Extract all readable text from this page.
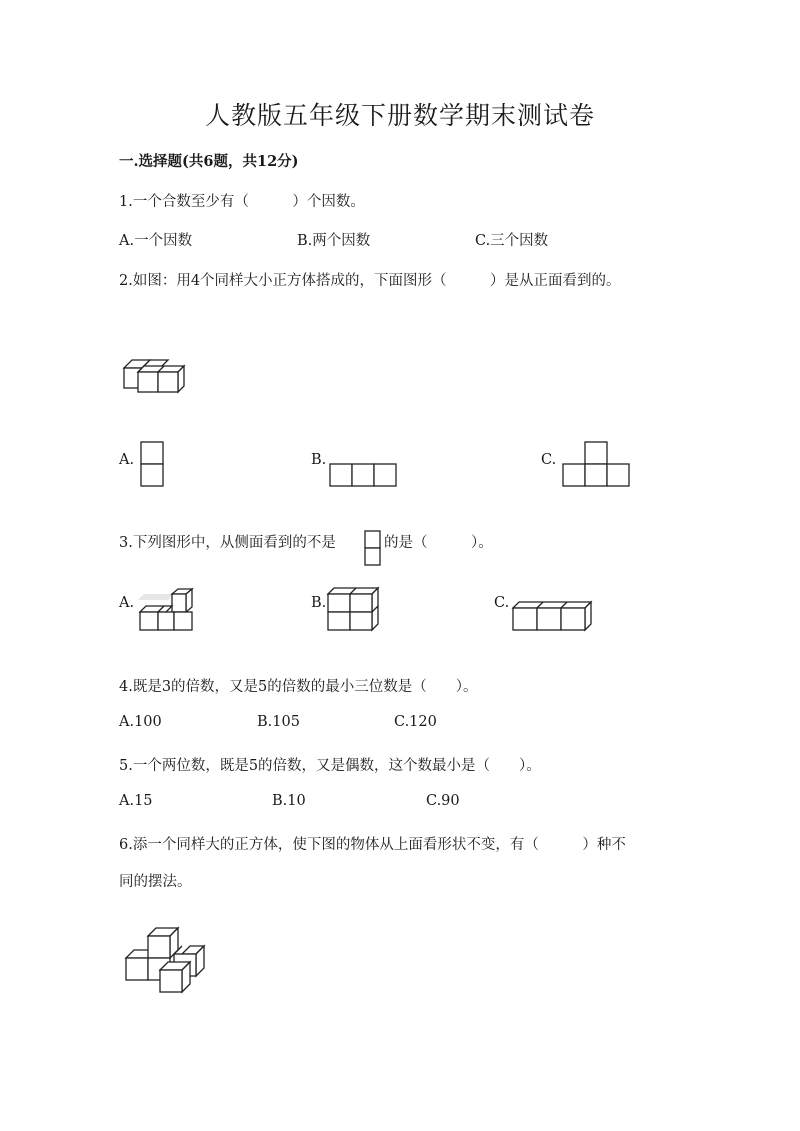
人教版五年级下册数学期末测试卷
一.选择题(共6题，共12分)
1.一个合数至少有（　　　）个因数。
A.一个因数	B.两个因数	C.三个因数
2.如图：用4个同样大小正方体搭成的，下面图形（　　　）是从正面看到的。
A.	B.	C.
3.下列图形中，从侧面看到的不是	的是（　　　）。
A.	B.	C.
4.既是3的倍数，又是5的倍数的最小三位数是（　　）。
A.100	B.105	C.120
5.一个两位数，既是5的倍数，又是偶数，这个数最小是（　　）。
A.15	B.10	C.90
6.添一个同样大的正方体，使下图的物体从上面看形状不变，有（　　　）种不
同的摆法。
